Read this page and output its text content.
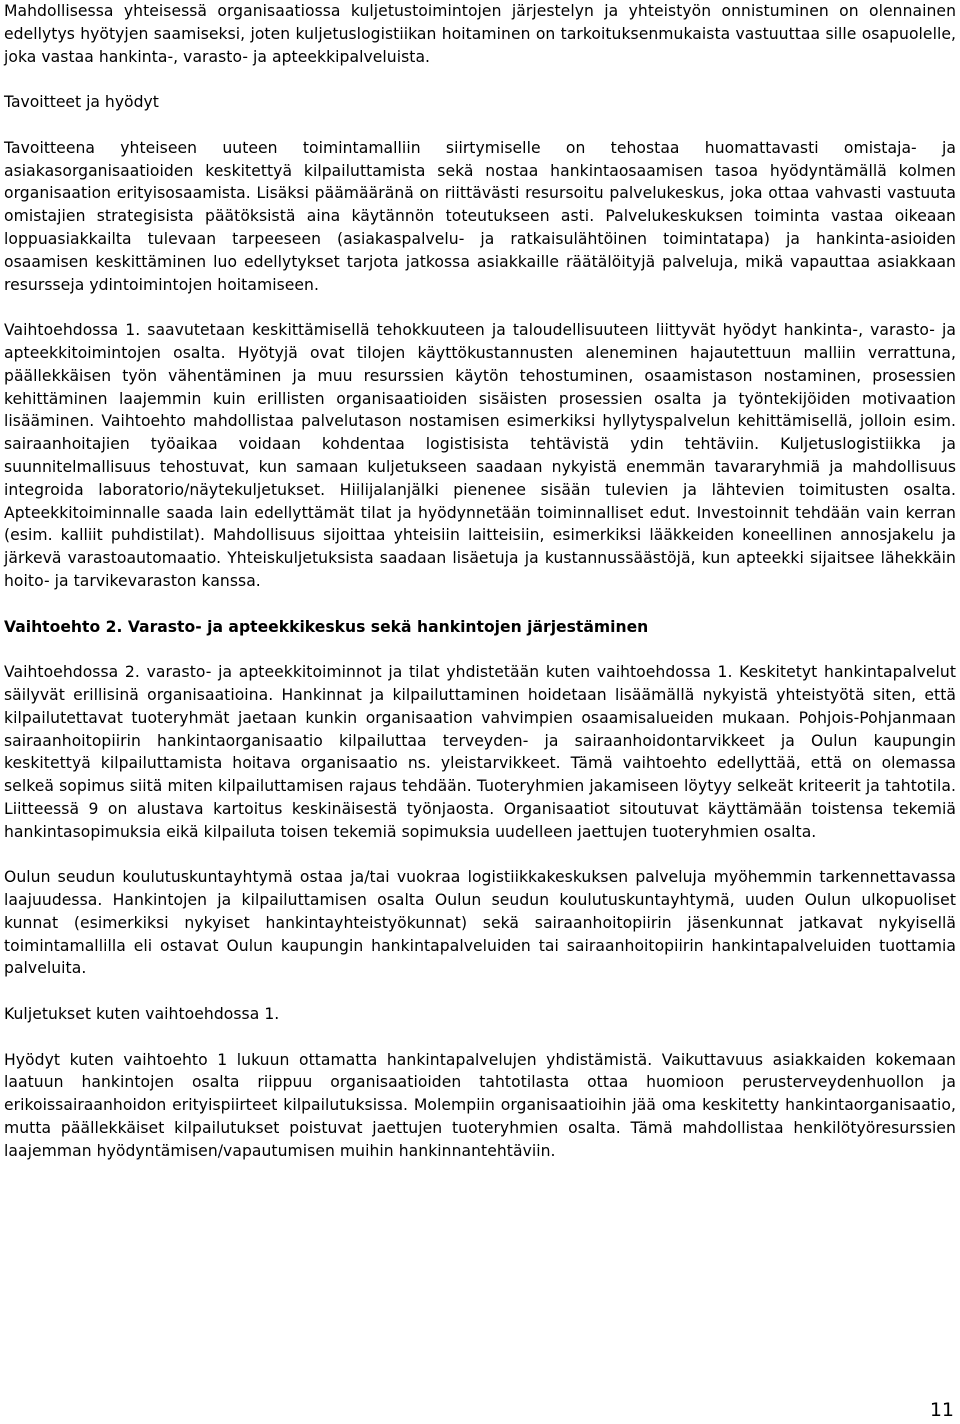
Mahdollisessa yhteisessä organisaatiossa kuljetustoimintojen järjestelyn ja yhteistyön onnistuminen on olennainen edellytys hyötyjen saamiseksi, joten kuljetuslogistiikan hoitaminen on tarkoituksenmukaista vastuuttaa sille osapuolelle, joka vastaa hankinta-, varasto- ja apteekkipalveluista.

Tavoitteet ja hyödyt

Tavoitteena yhteiseen uuteen toimintamalliin siirtymiselle on tehostaa huomattavasti omistaja- ja asiakasorganisaatioiden keskitettyä kilpailuttamista sekä nostaa hankintaosaamisen tasoa hyödyntämällä kolmen organisaation erityisosaamista. Lisäksi päämääränä on riittävästi resursoitu palvelukeskus, joka ottaa vahvasti vastuuta omistajien strategisista päätöksistä aina käytännön toteutukseen asti. Palvelukeskuksen toiminta vastaa oikeaan loppuasiakkailta tulevaan tarpeeseen (asiakaspalvelu- ja ratkaisulähtöinen toimintatapa) ja hankinta-asioiden osaamisen keskittäminen luo edellytykset tarjota jatkossa asiakkaille räätälöityjä palveluja, mikä vapauttaa asiakkaan resursseja ydintoimintojen hoitamiseen.

Vaihtoehdossa 1. saavutetaan keskittämisellä tehokkuuteen ja taloudellisuuteen liittyvät hyödyt hankinta-, varasto- ja apteekkitoimintojen osalta. Hyötyjä ovat tilojen käyttökustannusten aleneminen hajautettuun malliin verrattuna, päällekkäisen työn vähentäminen ja muu resurssien käytön tehostuminen, osaamistason nostaminen, prosessien kehittäminen laajemmin kuin erillisten organisaatioiden sisäisten prosessien osalta ja työntekijöiden motivaation lisääminen. Vaihtoehto mahdollistaa palvelutason nostamisen esimerkiksi hyllytyspalvelun kehittämisellä, jolloin esim. sairaanhoitajien työaikaa voidaan kohdentaa logistisista tehtävistä ydin tehtäviin. Kuljetuslogistiikka ja suunnitelmallisuus tehostuvat, kun samaan kuljetukseen saadaan nykyistä enemmän tavararyhmiä ja mahdollisuus integroida laboratorio/näytekuljetukset. Hiilijalanjälki pienenee sisään tulevien ja lähtevien toimitusten osalta. Apteekkitoiminnalle saada lain edellyttämät tilat ja hyödynnetään toiminnalliset edut. Investoinnit tehdään vain kerran (esim. kalliit puhdistilat). Mahdollisuus sijoittaa yhteisiin laitteisiin, esimerkiksi lääkkeiden koneellinen annosjakelu ja järkevä varastoautomaatio. Yhteiskuljetuksista saadaan lisäetuja ja kustannussäästöjä, kun apteekki sijaitsee lähekkäin hoito- ja tarvikevaraston kanssa.

Vaihtoehto 2. Varasto- ja apteekkikeskus sekä hankintojen järjestäminen

Vaihtoehdossa 2. varasto- ja apteekkitoiminnot ja tilat yhdistetään kuten vaihtoehdossa 1. Keskitetyt hankintapalvelut säilyvät erillisinä organisaatioina. Hankinnat ja kilpailuttaminen hoidetaan lisäämällä nykyistä yhteistyötä siten, että kilpailutettavat tuoteryhmät jaetaan kunkin organisaation vahvimpien osaamisalueiden mukaan. Pohjois-Pohjanmaan sairaanhoitopiirin hankintaorganisaatio kilpailuttaa terveyden- ja sairaanhoidontarvikkeet ja Oulun kaupungin keskitettyä kilpailuttamista hoitava organisaatio ns. yleistarvikkeet. Tämä vaihtoehto edellyttää, että on olemassa selkeä sopimus siitä miten kilpailuttamisen rajaus tehdään. Tuoteryhmien jakamiseen löytyy selkeät kriteerit ja tahtotila. Liitteessä 9 on alustava kartoitus keskinäisestä työnjaosta. Organisaatiot sitoutuvat käyttämään toistensa tekemiä hankintasopimuksia eikä kilpailuta toisen tekemiä sopimuksia uudelleen jaettujen tuoteryhmien osalta.

Oulun seudun koulutuskuntayhtymä ostaa ja/tai vuokraa logistiikkakeskuksen palveluja myöhemmin tarkennettavassa laajuudessa. Hankintojen ja kilpailuttamisen osalta Oulun seudun koulutuskuntayhtymä, uuden Oulun ulkopuoliset kunnat (esimerkiksi nykyiset hankintayhteistyökunnat) sekä sairaanhoitopiirin jäsenkunnat jatkavat nykyisellä toimintamallilla eli ostavat Oulun kaupungin hankintapalveluiden tai sairaanhoitopiirin hankintapalveluiden tuottamia palveluita.

Kuljetukset kuten vaihtoehdossa 1.

Hyödyt kuten vaihtoehto 1 lukuun ottamatta hankintapalvelujen yhdistämistä. Vaikuttavuus asiakkaiden kokemaan laatuun hankintojen osalta riippuu organisaatioiden tahtotilasta ottaa huomioon perusterveydenhuollon ja erikoissairaanhoidon erityispiirteet kilpailutuksissa. Molempiin organisaatioihin jää oma keskitetty hankintaorganisaatio, mutta päällekkäiset kilpailutukset poistuvat jaettujen tuoteryhmien osalta. Tämä mahdollistaa henkilötyöresurssien laajemman hyödyntämisen/vapautumisen muihin hankinnantehtäviin.

11
